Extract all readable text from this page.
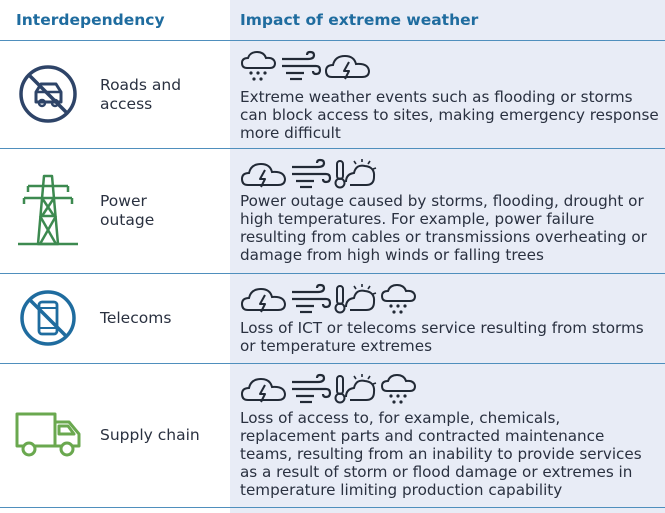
Interdependency	Impact of extreme weather
Roads and
access	Extreme weather events such as flooding or storms can block access to sites, making emergency response more difficult
Power
outage
Power outage caused by storms, flooding, drought or high temperatures. For example, power failure resulting from cables or transmissions overheating or damage from high winds or falling trees
Telecoms
Loss of ICT or telecoms service resulting from storms or temperature extremes
Supply chain
Loss of access to, for example, chemicals, replacement parts and contracted maintenance teams, resulting from an inability to provide services as a result of storm or flood damage or extremes in temperature limiting production capability
